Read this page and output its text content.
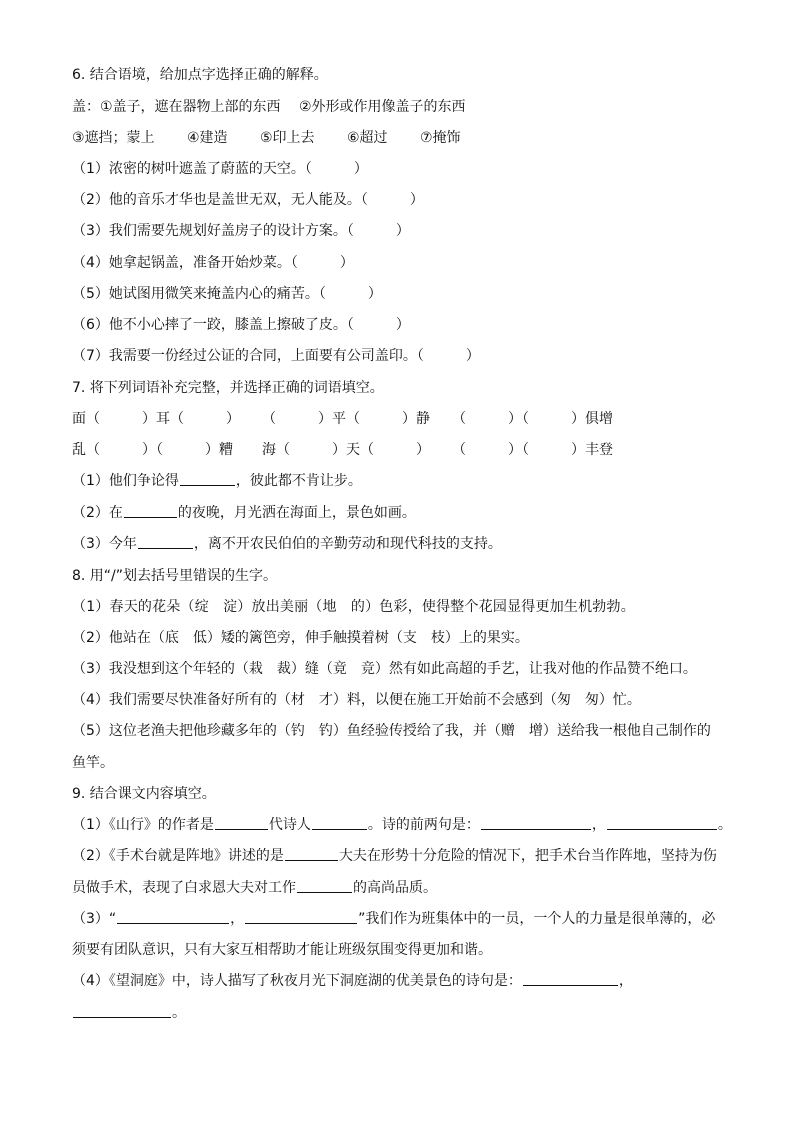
6. 结合语境，给加点字选择正确的解释。
盖：①盖子，遮在器物上部的东西　 ②外形或作用像盖子的东西
③遮挡；蒙上　　 ④建造　　 ⑤印上去　　 ⑥超过　　 ⑦掩饰
（1）浓密的树叶遮盖了蔚蓝的天空。（　　　）
（2）他的音乐才华也是盖世无双，无人能及。（　　　）
（3）我们需要先规划好盖房子的设计方案。（　　　）
（4）她拿起锅盖，准备开始炒菜。（　　　）
（5）她试图用微笑来掩盖内心的痛苦。（　　　）
（6）他不小心摔了一跤，膝盖上擦破了皮。（　　　）
（7）我需要一份经过公证的合同，上面要有公司盖印。（　　　）
7. 将下列词语补充完整，并选择正确的词语填空。
面（　　　）耳（　　　） （　　　）平（　　　）静 （　　　）（　　　）俱增
乱（　　　）（　　　）糟 海（　　　）天（　　　） （　　　）（　　　）丰登
（1）他们争论得	，彼此都不肯让步。
（2）在	的夜晚，月光洒在海面上，景色如画。
（3）今年	，离不开农民伯伯的辛勤劳动和现代科技的支持。
8. 用“/”划去括号里错误的生字。
（1）春天的花朵（绽　淀）放出美丽（地　的）色彩，使得整个花园显得更加生机勃勃。
（2）他站在（底　低）矮的篱笆旁，伸手触摸着树（支　枝）上的果实。
（3）我没想到这个年轻的（栽　裁）缝（竟　竞）然有如此高超的手艺，让我对他的作品赞不绝口。
（4）我们需要尽快准备好所有的（材　才）料，以便在施工开始前不会感到（匆　匆）忙。
（5）这位老渔夫把他珍藏多年的（钓　钓）鱼经验传授给了我，并（赠　增）送给我一根他自己制作的
鱼竿。
9. 结合课文内容填空。
（1）《山行》的作者是	代诗人	。诗的前两句是：	，	。
（2）《手术台就是阵地》讲述的是	大夫在形势十分危险的情况下，把手术台当作阵地，坚持为伤
员做手术，表现了白求恩大夫对工作	的高尚品质。
（3）“	，	”我们作为班集体中的一员，一个人的力量是很单薄的，必
须要有团队意识，只有大家互相帮助才能让班级氛围变得更加和谐。
（4）《望洞庭》中，诗人描写了秋夜月光下洞庭湖的优美景色的诗句是：	，
。
